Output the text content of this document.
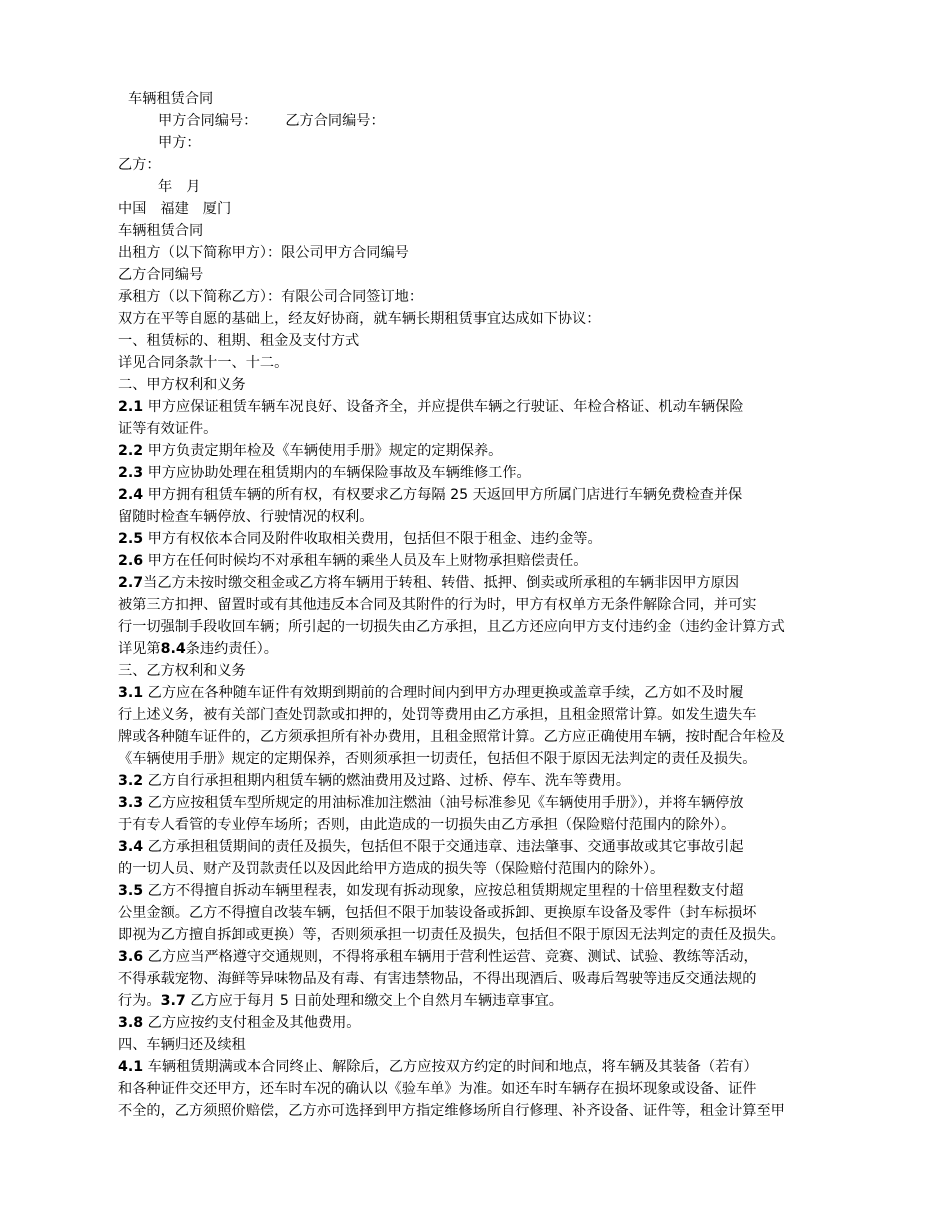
车辆租赁合同
甲方合同编号： 乙方合同编号：
甲方：
乙方：
年 月
中国 福建 厦门
车辆租赁合同
出租方（以下简称甲方）：限公司甲方合同编号
乙方合同编号
承租方（以下简称乙方）：有限公司合同签订地：
双方在平等自愿的基础上，经友好协商，就车辆长期租赁事宜达成如下协议：
一、租赁标的、租期、租金及支付方式
详见合同条款十一、十二。
二、甲方权利和义务
2.1 甲方应保证租赁车辆车况良好、设备齐全，并应提供车辆之行驶证、年检合格证、机动车辆保险
证等有效证件。
2.2 甲方负责定期年检及《车辆使用手册》规定的定期保养。
2.3 甲方应协助处理在租赁期内的车辆保险事故及车辆维修工作。
2.4 甲方拥有租赁车辆的所有权，有权要求乙方每隔 25 天返回甲方所属门店进行车辆免费检查并保
留随时检查车辆停放、行驶情况的权利。
2.5 甲方有权依本合同及附件收取相关费用，包括但不限于租金、违约金等。
2.6 甲方在任何时候均不对承租车辆的乘坐人员及车上财物承担赔偿责任。
2.7当乙方未按时缴交租金或乙方将车辆用于转租、转借、抵押、倒卖或所承租的车辆非因甲方原因
被第三方扣押、留置时或有其他违反本合同及其附件的行为时，甲方有权单方无条件解除合同，并可实
行一切强制手段收回车辆；所引起的一切损失由乙方承担，且乙方还应向甲方支付违约金（违约金计算方式
详见第8.4条违约责任）。
三、乙方权利和义务
3.1 乙方应在各种随车证件有效期到期前的合理时间内到甲方办理更换或盖章手续，乙方如不及时履
行上述义务，被有关部门查处罚款或扣押的，处罚等费用由乙方承担，且租金照常计算。如发生遗失车
牌或各种随车证件的，乙方须承担所有补办费用，且租金照常计算。乙方应正确使用车辆，按时配合年检及
《车辆使用手册》规定的定期保养，否则须承担一切责任，包括但不限于原因无法判定的责任及损失。
3.2 乙方自行承担租期内租赁车辆的燃油费用及过路、过桥、停车、洗车等费用。
3.3 乙方应按租赁车型所规定的用油标准加注燃油（油号标准参见《车辆使用手册》），并将车辆停放
于有专人看管的专业停车场所；否则，由此造成的一切损失由乙方承担（保险赔付范围内的除外）。
3.4 乙方承担租赁期间的责任及损失，包括但不限于交通违章、违法肇事、交通事故或其它事故引起
的一切人员、财产及罚款责任以及因此给甲方造成的损失等（保险赔付范围内的除外）。
3.5 乙方不得擅自拆动车辆里程表，如发现有拆动现象，应按总租赁期规定里程的十倍里程数支付超
公里金额。乙方不得擅自改装车辆，包括但不限于加装设备或拆卸、更换原车设备及零件（封车标损坏
即视为乙方擅自拆卸或更换）等，否则须承担一切责任及损失，包括但不限于原因无法判定的责任及损失。
3.6 乙方应当严格遵守交通规则，不得将承租车辆用于营利性运营、竞赛、测试、试验、教练等活动，
不得承载宠物、海鲜等异味物品及有毒、有害违禁物品，不得出现酒后、吸毒后驾驶等违反交通法规的
行为。3.7 乙方应于每月 5 日前处理和缴交上个自然月车辆违章事宜。
3.8 乙方应按约支付租金及其他费用。
四、车辆归还及续租
4.1 车辆租赁期满或本合同终止、解除后，乙方应按双方约定的时间和地点，将车辆及其装备（若有）
和各种证件交还甲方，还车时车况的确认以《验车单》为准。如还车时车辆存在损坏现象或设备、证件
不全的，乙方须照价赔偿，乙方亦可选择到甲方指定维修场所自行修理、补齐设备、证件等，租金计算至甲
